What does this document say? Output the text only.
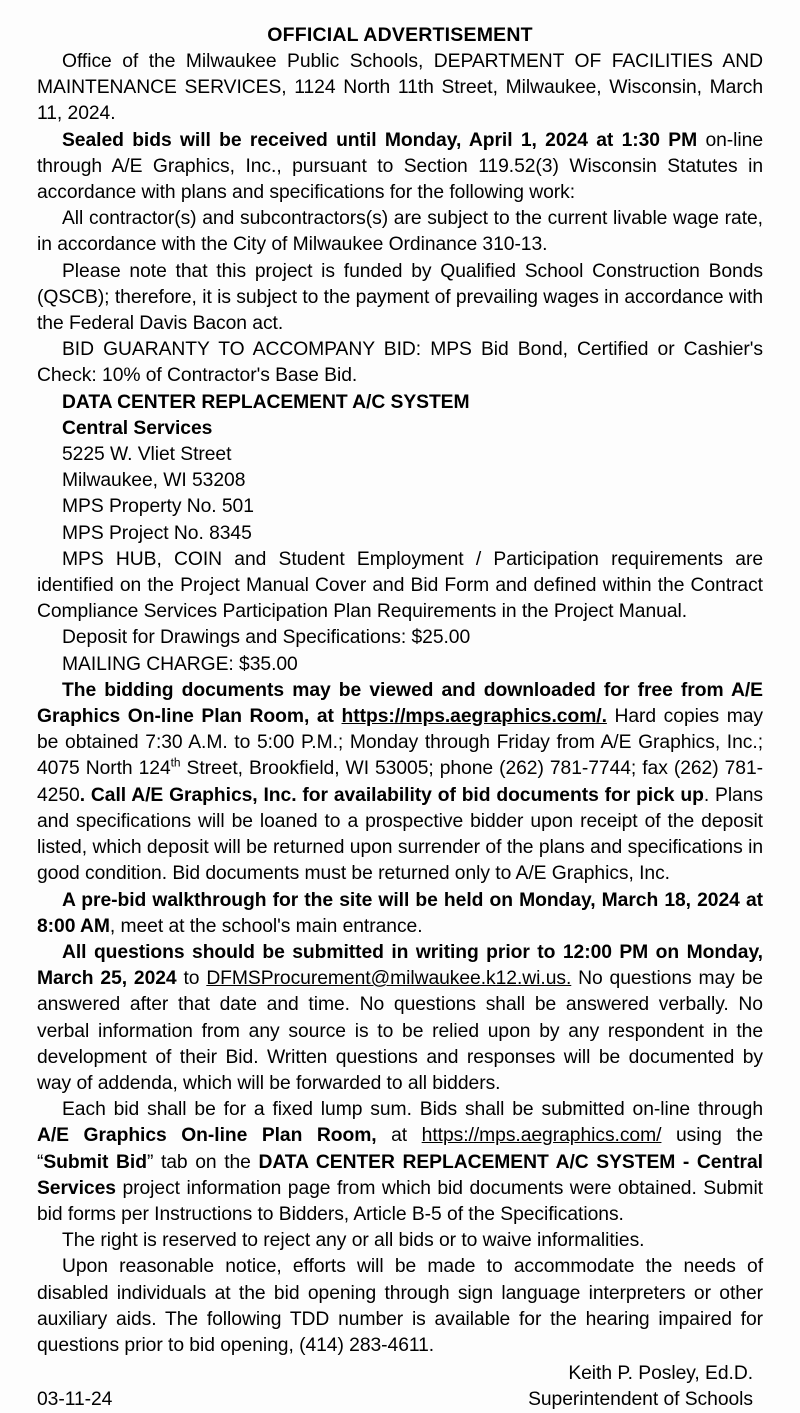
OFFICIAL ADVERTISEMENT

Office of the Milwaukee Public Schools, DEPARTMENT OF FACILITIES AND MAINTENANCE SERVICES, 1124 North 11th Street, Milwaukee, Wisconsin, March 11, 2024.

Sealed bids will be received until Monday, April 1, 2024 at 1:30 PM on-line through A/E Graphics, Inc., pursuant to Section 119.52(3) Wisconsin Statutes in accordance with plans and specifications for the following work:

All contractor(s) and subcontractors(s) are subject to the current livable wage rate, in accordance with the City of Milwaukee Ordinance 310-13.

Please note that this project is funded by Qualified School Construction Bonds (QSCB); therefore, it is subject to the payment of prevailing wages in accordance with the Federal Davis Bacon act.

BID GUARANTY TO ACCOMPANY BID: MPS Bid Bond, Certified or Cashier's Check: 10% of Contractor's Base Bid.

DATA CENTER REPLACEMENT A/C SYSTEM
Central Services
5225 W. Vliet Street
Milwaukee, WI 53208
MPS Property No. 501
MPS Project No. 8345

MPS HUB, COIN and Student Employment / Participation requirements are identified on the Project Manual Cover and Bid Form and defined within the Contract Compliance Services Participation Plan Requirements in the Project Manual.

Deposit for Drawings and Specifications: $25.00
MAILING CHARGE: $35.00

The bidding documents may be viewed and downloaded for free from A/E Graphics On-line Plan Room, at https://mps.aegraphics.com/. Hard copies may be obtained 7:30 A.M. to 5:00 P.M.; Monday through Friday from A/E Graphics, Inc.; 4075 North 124th Street, Brookfield, WI 53005; phone (262) 781-7744; fax (262) 781-4250. Call A/E Graphics, Inc. for availability of bid documents for pick up. Plans and specifications will be loaned to a prospective bidder upon receipt of the deposit listed, which deposit will be returned upon surrender of the plans and specifications in good condition. Bid documents must be returned only to A/E Graphics, Inc.

A pre-bid walkthrough for the site will be held on Monday, March 18, 2024 at 8:00 AM, meet at the school's main entrance.

All questions should be submitted in writing prior to 12:00 PM on Monday, March 25, 2024 to DFMSProcurement@milwaukee.k12.wi.us. No questions may be answered after that date and time. No questions shall be answered verbally. No verbal information from any source is to be relied upon by any respondent in the development of their Bid. Written questions and responses will be documented by way of addenda, which will be forwarded to all bidders.

Each bid shall be for a fixed lump sum. Bids shall be submitted on-line through A/E Graphics On-line Plan Room, at https://mps.aegraphics.com/ using the “Submit Bid” tab on the DATA CENTER REPLACEMENT A/C SYSTEM - Central Services project information page from which bid documents were obtained. Submit bid forms per Instructions to Bidders, Article B-5 of the Specifications.

The right is reserved to reject any or all bids or to waive informalities.

Upon reasonable notice, efforts will be made to accommodate the needs of disabled individuals at the bid opening through sign language interpreters or other auxiliary aids. The following TDD number is available for the hearing impaired for questions prior to bid opening, (414) 283-4611.

Keith P. Posley, Ed.D.
03-11-24	Superintendent of Schools
